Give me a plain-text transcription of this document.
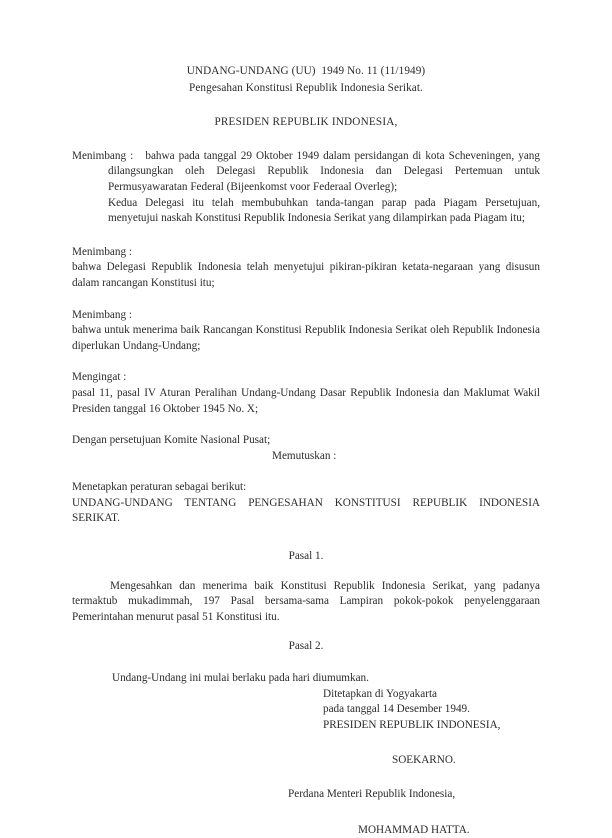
UNDANG-UNDANG (UU)  1949 No. 11 (11/1949)
Pengesahan Konstitusi Republik Indonesia Serikat.
PRESIDEN REPUBLIK INDONESIA,
Menimbang : bahwa pada tanggal 29 Oktober 1949 dalam persidangan di kota Scheveningen, yang dilangsungkan oleh Delegasi Republik Indonesia dan Delegasi Pertemuan untuk Permusyawaratan Federal (Bijeenkomst voor Federaal Overleg);
Kedua Delegasi itu telah membubuhkan tanda-tangan parap pada Piagam Persetujuan, menyetujui naskah Konstitusi Republik Indonesia Serikat yang dilampirkan pada Piagam itu;
Menimbang :
bahwa Delegasi Republik Indonesia telah menyetujui pikiran-pikiran ketata-negaraan yang disusun dalam rancangan Konstitusi itu;
Menimbang :
bahwa untuk menerima baik Rancangan Konstitusi Republik Indonesia Serikat oleh Republik Indonesia diperlukan Undang-Undang;
Mengingat :
pasal 11, pasal IV Aturan Peralihan Undang-Undang Dasar Republik Indonesia dan Maklumat Wakil Presiden tanggal 16 Oktober 1945 No. X;
Dengan persetujuan Komite Nasional Pusat;
Memutuskan :
Menetapkan peraturan sebagai berikut:
UNDANG-UNDANG TENTANG PENGESAHAN KONSTITUSI REPUBLIK INDONESIA SERIKAT.
Pasal 1.
Mengesahkan dan menerima baik Konstitusi Republik Indonesia Serikat, yang padanya termaktub mukadimmah, 197 Pasal bersama-sama Lampiran pokok-pokok penyelenggaraan Pemerintahan menurut pasal 51 Konstitusi itu.
Pasal 2.
Undang-Undang ini mulai berlaku pada hari diumumkan.
Ditetapkan di Yogyakarta
pada tanggal 14 Desember 1949.
PRESIDEN REPUBLIK INDONESIA,
SOEKARNO.
Perdana Menteri Republik Indonesia,
MOHAMMAD HATTA.
